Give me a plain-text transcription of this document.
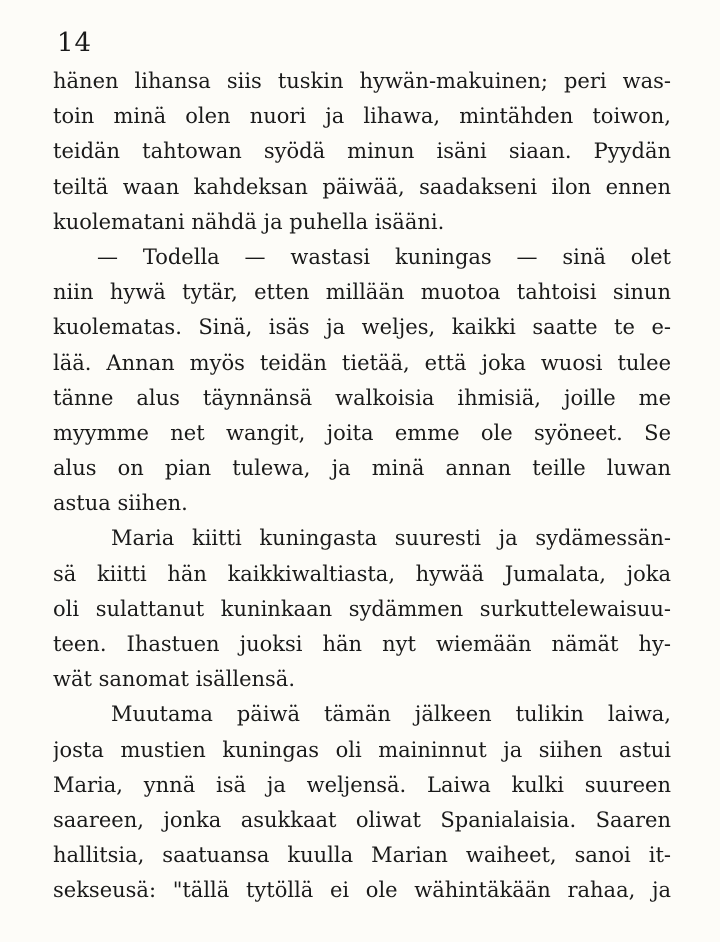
14
hänen lihansa siis tuskin hywän-makuinen; peri was-
toin minä olen nuori ja lihawa, mintähden toiwon,
teidän tahtowan syödä minun isäni siaan. Pyydän
teiltä waan kahdeksan päiwää, saadakseni ilon ennen
kuolematani nähdä ja puhella isääni.
— Todella — wastasi kuningas — sinä olet
niin hywä tytär, etten millään muotoa tahtoisi sinun
kuolematas. Sinä, isäs ja weljes, kaikki saatte te e-
lää. Annan myös teidän tietää, että joka wuosi tulee
tänne alus täynnänsä walkoisia ihmisiä, joille me
myymme net wangit, joita emme ole syöneet. Se
alus on pian tulewa, ja minä annan teille luwan
astua siihen.
Maria kiitti kuningasta suuresti ja sydämessän-
sä kiitti hän kaikkiwaltiasta, hywää Jumalata, joka
oli sulattanut kuninkaan sydämmen surkuttelewaisuu-
teen. Ihastuen juoksi hän nyt wiemään nämät hy-
wät sanomat isällensä.
Muutama päiwä tämän jälkeen tulikin laiwa,
josta mustien kuningas oli maininnut ja siihen astui
Maria, ynnä isä ja weljensä. Laiwa kulki suureen
saareen, jonka asukkaat oliwat Spanialaisia. Saaren
hallitsia, saatuansa kuulla Marian waiheet, sanoi it-
sekseusä: "tällä tytöllä ei ole wähintäkään rahaa, ja
